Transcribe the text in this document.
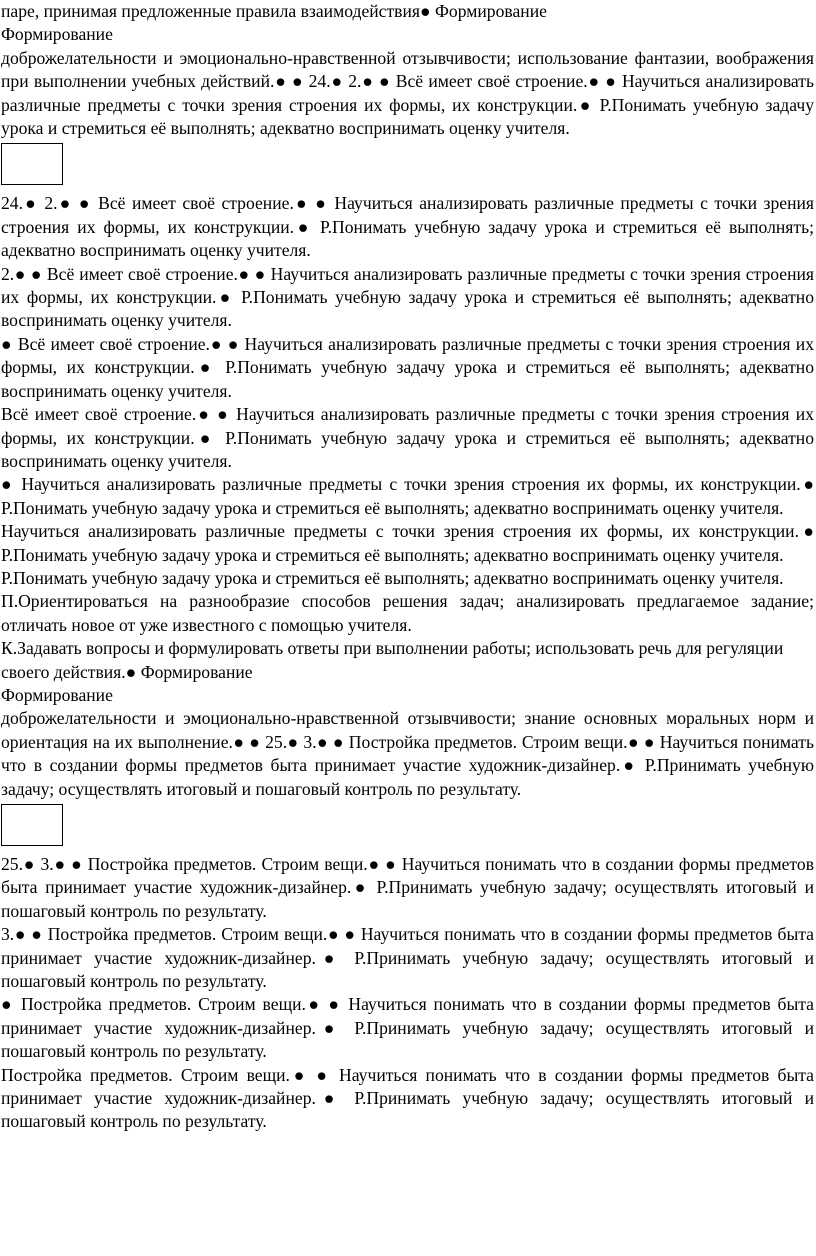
паре, принимая предложенные правила взаимодействия● Формирование

Формирование

доброжелательности и эмоционально-нравственной отзывчивости; использование фантазии, воображения при выполнении учебных действий.● ● 24.● 2.● ● Всё имеет своё строение.● ● Научиться анализировать различные предметы с точки зрения строения их формы, их конструкции.● Р.Понимать учебную задачу урока и стремиться её выполнять; адекватно воспринимать оценку учителя.

24.● 2.● ● Всё имеет своё строение.● ● Научиться анализировать различные предметы с точки зрения строения их формы, их конструкции.● Р.Понимать учебную задачу урока и стремиться её выполнять; адекватно воспринимать оценку учителя.

2.● ● Всё имеет своё строение.● ● Научиться анализировать различные предметы с точки зрения строения их формы, их конструкции.● Р.Понимать учебную задачу урока и стремиться её выполнять; адекватно воспринимать оценку учителя.

● Всё имеет своё строение.● ● Научиться анализировать различные предметы с точки зрения строения их формы, их конструкции.● Р.Понимать учебную задачу урока и стремиться её выполнять; адекватно воспринимать оценку учителя.

Всё имеет своё строение.● ● Научиться анализировать различные предметы с точки зрения строения их формы, их конструкции.● Р.Понимать учебную задачу урока и стремиться её выполнять; адекватно воспринимать оценку учителя.

● Научиться анализировать различные предметы с точки зрения строения их формы, их конструкции.● Р.Понимать учебную задачу урока и стремиться её выполнять; адекватно воспринимать оценку учителя.

Научиться анализировать различные предметы с точки зрения строения их формы, их конструкции.● Р.Понимать учебную задачу урока и стремиться её выполнять; адекватно воспринимать оценку учителя.

Р.Понимать учебную задачу урока и стремиться её выполнять; адекватно воспринимать оценку учителя.

П.Ориентироваться на разнообразие способов решения задач; анализировать предлагаемое задание; отличать новое от уже известного с помощью учителя.

К.Задавать вопросы и формулировать ответы при выполнении работы; использовать речь для регуляции своего действия.● Формирование

Формирование

доброжелательности и эмоционально-нравственной отзывчивости; знание основных моральных норм и ориентация на их выполнение.● ● 25.● 3.● ● Постройка предметов. Строим вещи.● ● Научиться понимать что в создании формы предметов быта принимает участие художник-дизайнер.● Р.Принимать учебную задачу; осуществлять итоговый и пошаговый контроль по результату.

25.● 3.● ● Постройка предметов. Строим вещи.● ● Научиться понимать что в создании формы предметов быта принимает участие художник-дизайнер.● Р.Принимать учебную задачу; осуществлять итоговый и пошаговый контроль по результату.

3.● ● Постройка предметов. Строим вещи.● ● Научиться понимать что в создании формы предметов быта принимает участие художник-дизайнер.● Р.Принимать учебную задачу; осуществлять итоговый и пошаговый контроль по результату.

● Постройка предметов. Строим вещи.● ● Научиться понимать что в создании формы предметов быта принимает участие художник-дизайнер.● Р.Принимать учебную задачу; осуществлять итоговый и пошаговый контроль по результату.

Постройка предметов. Строим вещи.● ● Научиться понимать что в создании формы предметов быта принимает участие художник-дизайнер.● Р.Принимать учебную задачу; осуществлять итоговый и пошаговый контроль по результату.
